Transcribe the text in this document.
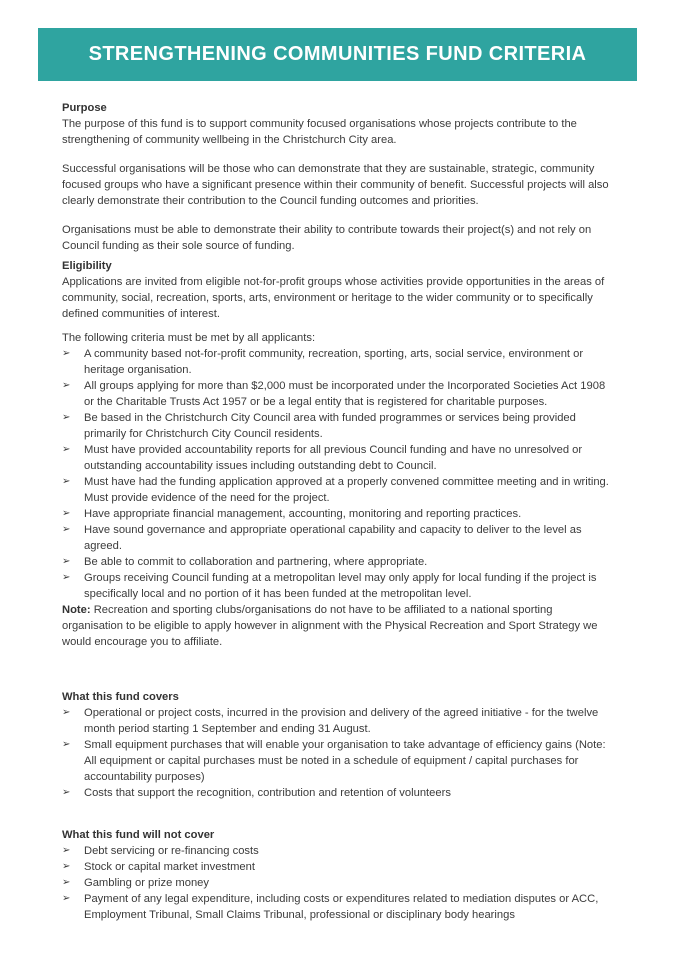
STRENGTHENING COMMUNITIES FUND CRITERIA
Purpose

The purpose of this fund is to support community focused organisations whose projects contribute to the strengthening of community wellbeing in the Christchurch City area.

Successful organisations will be those who can demonstrate that they are sustainable, strategic, community focused groups who have a significant presence within their community of benefit. Successful projects will also clearly demonstrate their contribution to the Council funding outcomes and priorities.

Organisations must be able to demonstrate their ability to contribute towards their project(s) and not rely on Council funding as their sole source of funding.

Eligibility

Applications are invited from eligible not-for-profit groups whose activities provide opportunities in the areas of community, social, recreation, sports, arts, environment or heritage to the wider community or to specifically defined communities of interest.

The following criteria must be met by all applicants:

➢	A community based not-for-profit community, recreation, sporting, arts, social service, environment or heritage organisation.
➢	All groups applying for more than $2,000 must be incorporated under the Incorporated Societies Act 1908 or the Charitable Trusts Act 1957 or be a legal entity that is registered for charitable purposes.
➢	Be based in the Christchurch City Council area with funded programmes or services being provided primarily for Christchurch City Council residents.
➢	Must have provided accountability reports for all previous Council funding and have no unresolved or outstanding accountability issues including outstanding debt to Council.
➢	Must have had the funding application approved at a properly convened committee meeting and in writing. Must provide evidence of the need for the project.
➢	Have appropriate financial management, accounting, monitoring and reporting practices.
➢	Have sound governance and appropriate operational capability and capacity to deliver to the level as agreed.
➢	Be able to commit to collaboration and partnering, where appropriate.
➢	Groups receiving Council funding at a metropolitan level may only apply for local funding if the project is specifically local and no portion of it has been funded at the metropolitan level.

Note: Recreation and sporting clubs/organisations do not have to be affiliated to a national sporting organisation to be eligible to apply however in alignment with the Physical Recreation and Sport Strategy we would encourage you to affiliate.

What this fund covers
➢	Operational or project costs, incurred in the provision and delivery of the agreed initiative - for the twelve month period starting 1 September and ending 31 August.
➢	Small equipment purchases that will enable your organisation to take advantage of efficiency gains (Note: All equipment or capital purchases must be noted in a schedule of equipment / capital purchases for accountability purposes)
➢	Costs that support the recognition, contribution and retention of volunteers
What this fund will not cover
➢	Debt servicing or re-financing costs
➢	Stock or capital market investment
➢	Gambling or prize money
➢	Payment of any legal expenditure, including costs or expenditures related to mediation disputes or ACC, Employment Tribunal, Small Claims Tribunal, professional or disciplinary body hearings
